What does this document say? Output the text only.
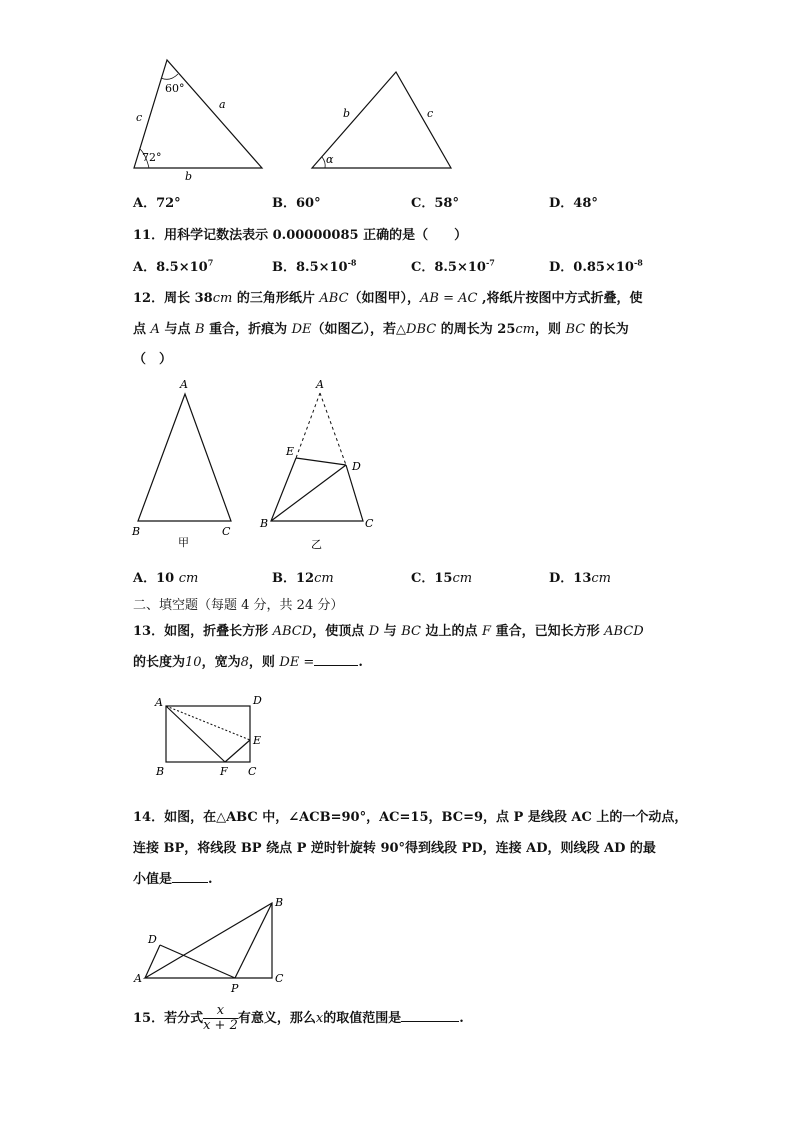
60°
a
c
72°
b
b	c
α
A．72°	B．60°	C．58°	D．48°
11．用科学记数法表示 0.00000085 正确的是（　　）
A．$8.5\times 10^7$	B．$8.5\times 10^{-8}$	C．$8.5\times 10^{-7}$	D．$0.85\times 10^{-8}$
12．周长 38cm 的三角形纸片 ABC（如图甲），AB = AC ,将纸片按图中方式折叠，使
点 A 与点 B 重合，折痕为 DE（如图乙），若△DBC 的周长为 25cm，则 BC 的长为
（　）
A
B	C
甲
A
E
D
B	C
乙
A．10 cm	B．12cm	C．15cm	D．13cm
二、填空题（每题 4 分，共 24 分）
13．如图，折叠长方形 ABCD，使顶点 D 与 BC 边上的点 F 重合，已知长方形 ABCD
的长度为10，宽为8，则 DE =	.
A	D
E
B	F C
14．如图，在△ABC 中，∠ACB=90°，AC=15，BC=9，点 P 是线段 AC 上的一个动点，
连接 BP，将线段 BP 绕点 P 逆时针旋转 90°得到线段 PD，连接 AD，则线段 AD 的最
小值是	.
B
D
A
P
C
15．若分式 $\frac{x}{x + 2}$ 有意义，那么x的取值范围是	.
